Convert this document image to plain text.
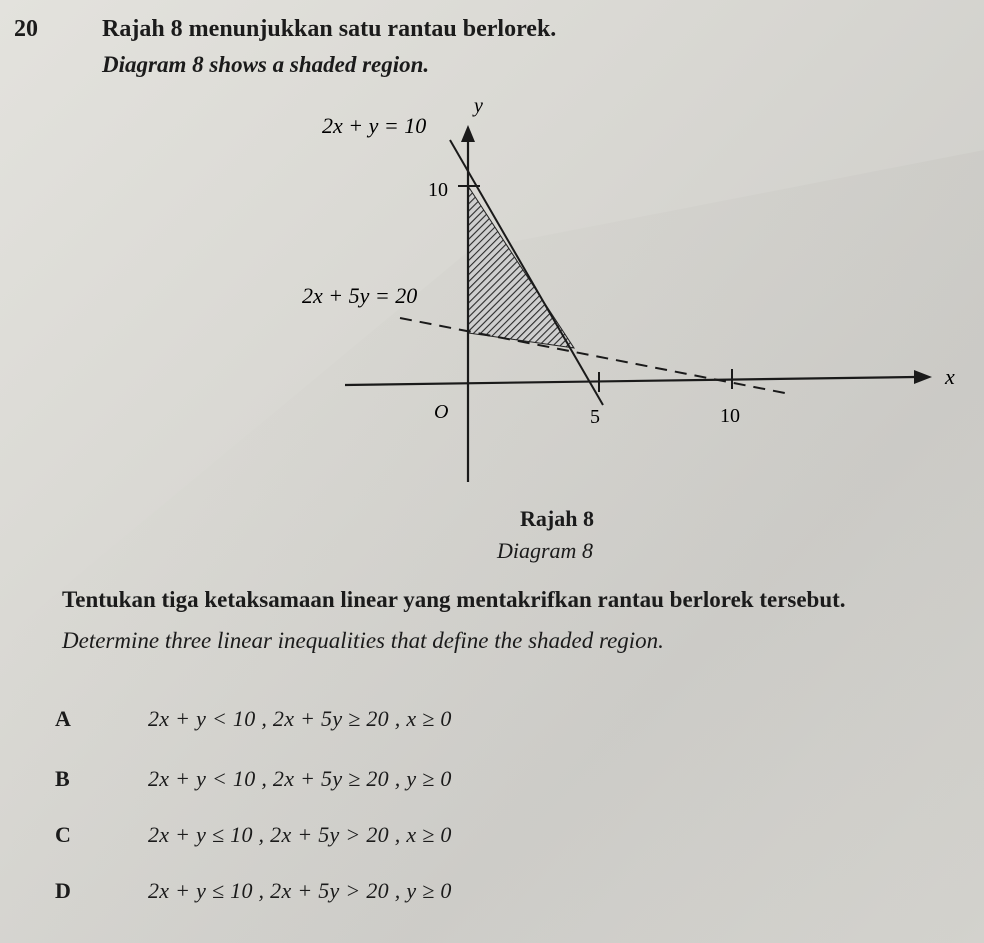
20	Rajah 8 menunjukkan satu rantau berlorek.
Diagram 8 shows a shaded region.
2x + y = 10
2x + 5y = 20
y
x
O
10
5	10
Rajah 8
Diagram 8
Tentukan tiga ketaksamaan linear yang mentakrifkan rantau berlorek tersebut.
Determine three linear inequalities that define the shaded region.
A	2x + y < 10 , 2x + 5y ≥ 20 , x ≥ 0
B	2x + y < 10 , 2x + 5y ≥ 20 , y ≥ 0
C	2x + y ≤ 10 , 2x + 5y > 20 , x ≥ 0
D	2x + y ≤ 10 , 2x + 5y > 20 , y ≥ 0
